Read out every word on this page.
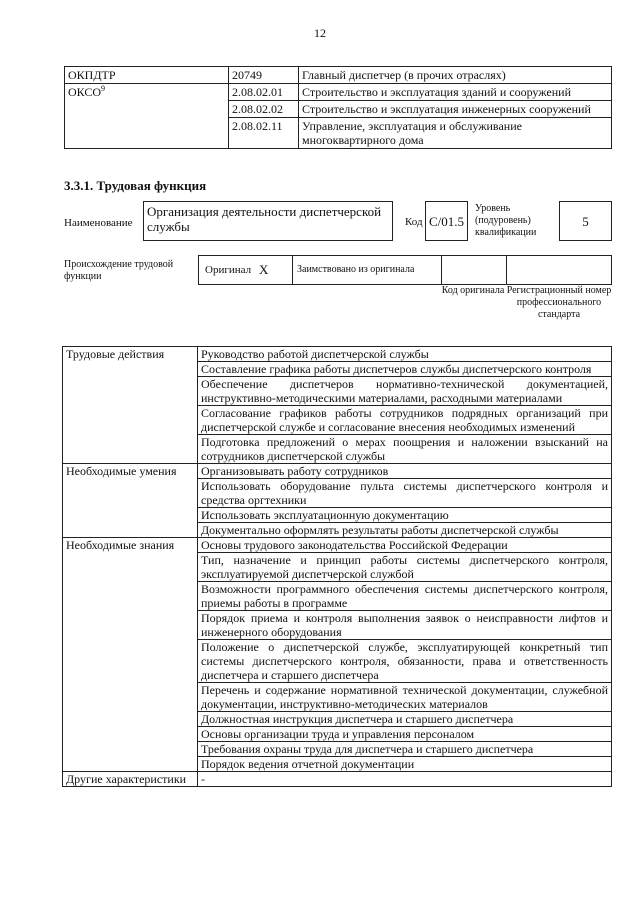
12
ОКПДТР	20749	Главный диспетчер (в прочих отраслях)
ОКСО$^9$	2.08.02.01	Строительство и эксплуатация зданий и сооружений
	2.08.02.02	Строительство и эксплуатация инженерных сооружений
	2.08.02.11	Управление, эксплуатация и обслуживание многоквартирного дома
3.3.1. Трудовая функция
Наименование
Организация деятельности диспетчерской службы	Код C/01.5
Уровень (подуровень) квалификации
5
Происхождение трудовой функции
Оригинал X	Заимствовано из оригинала
Код оригинала Регистрационный номер профессионального стандарта
Трудовые действия	Руководство работой диспетчерской службы
	Составление графика работы диспетчеров службы диспетчерского контроля
	Обеспечение диспетчеров нормативно-технической документацией, инструктивно-методическими материалами, расходными материалами
	Согласование графиков работы сотрудников подрядных организаций при диспетчерской службе и согласование внесения необходимых изменений
	Подготовка предложений о мерах поощрения и наложении взысканий на сотрудников диспетчерской службы
Необходимые умения	Организовывать работу сотрудников
	Использовать оборудование пульта системы диспетчерского контроля и средства оргтехники
	Использовать эксплуатационную документацию
	Документально оформлять результаты работы диспетчерской службы
Необходимые знания	Основы трудового законодательства Российской Федерации
	Тип, назначение и принцип работы системы диспетчерского контроля, эксплуатируемой диспетчерской службой
	Возможности программного обеспечения системы диспетчерского контроля, приемы работы в программе
	Порядок приема и контроля выполнения заявок о неисправности лифтов и инженерного оборудования
	Положение о диспетчерской службе, эксплуатирующей конкретный тип системы диспетчерского контроля, обязанности, права и ответственность диспетчера и старшего диспетчера
	Перечень и содержание нормативной технической документации, служебной документации, инструктивно-методических материалов
	Должностная инструкция диспетчера и старшего диспетчера
	Основы организации труда и управления персоналом
	Требования охраны труда для диспетчера и старшего диспетчера
	Порядок ведения отчетной документации
Другие характеристики	-
